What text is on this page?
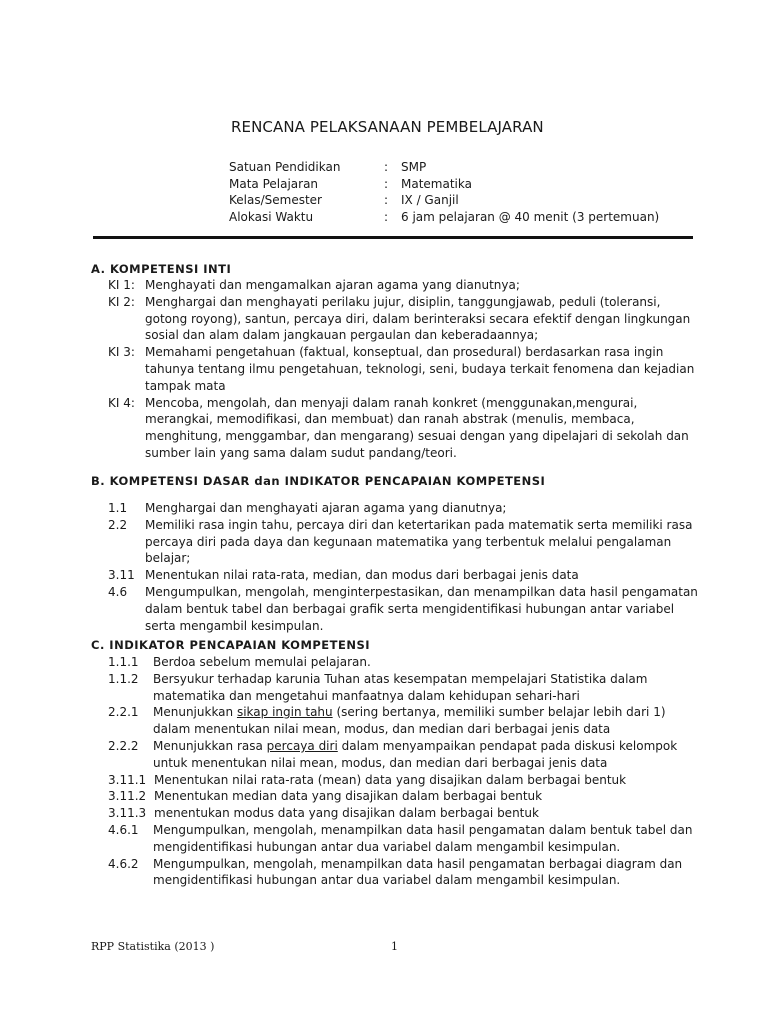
RENCANA PELAKSANAAN PEMBELAJARAN
Satuan Pendidikan	: SMP
Mata Pelajaran	: Matematika
Kelas/Semester	: IX / Ganjil
Alokasi Waktu	: 6 jam pelajaran @ 40 menit (3 pertemuan)
A. KOMPETENSI INTI
KI 1: Menghayati dan mengamalkan ajaran agama yang dianutnya;
KI 2: Menghargai dan menghayati perilaku jujur, disiplin, tanggungjawab, peduli (toleransi, gotong royong), santun, percaya diri, dalam berinteraksi secara efektif dengan lingkungan sosial dan alam dalam jangkauan pergaulan dan keberadaannya;
KI 3: Memahami pengetahuan (faktual, konseptual, dan prosedural) berdasarkan rasa ingin tahunya tentang ilmu pengetahuan, teknologi, seni, budaya terkait fenomena dan kejadian tampak mata
KI 4: Mencoba, mengolah, dan menyaji dalam ranah konkret (menggunakan,mengurai, merangkai, memodifikasi, dan membuat) dan ranah abstrak (menulis, membaca, menghitung, menggambar, dan mengarang) sesuai dengan yang dipelajari di sekolah dan sumber lain yang sama dalam sudut pandang/teori.
B. KOMPETENSI DASAR dan INDIKATOR PENCAPAIAN KOMPETENSI
1.1 Menghargai dan menghayati ajaran agama yang dianutnya;
2.2 Memiliki rasa ingin tahu, percaya diri dan ketertarikan pada matematik serta memiliki rasa percaya diri pada daya dan kegunaan matematika yang terbentuk melalui pengalaman belajar;
3.11 Menentukan nilai rata-rata, median, dan modus dari berbagai jenis data
4.6 Mengumpulkan, mengolah, menginterpestasikan, dan menampilkan data hasil pengamatan dalam bentuk tabel dan berbagai grafik serta mengidentifikasi hubungan antar variabel serta mengambil kesimpulan.
C. INDIKATOR PENCAPAIAN KOMPETENSI
1.1.1 Berdoa sebelum memulai pelajaran.
1.1.2 Bersyukur terhadap karunia Tuhan atas kesempatan mempelajari Statistika dalam matematika dan mengetahui manfaatnya dalam kehidupan sehari-hari
2.2.1 Menunjukkan sikap ingin tahu (sering bertanya, memiliki sumber belajar lebih dari 1) dalam menentukan nilai mean, modus, dan median dari berbagai jenis data
2.2.2 Menunjukkan rasa percaya diri dalam menyampaikan pendapat pada diskusi kelompok untuk menentukan nilai mean, modus, dan median dari berbagai jenis data
3.11.1 Menentukan nilai rata-rata (mean) data yang disajikan dalam berbagai bentuk
3.11.2 Menentukan median data yang disajikan dalam berbagai bentuk
3.11.3 menentukan modus data yang disajikan dalam berbagai bentuk
4.6.1 Mengumpulkan, mengolah, menampilkan data hasil pengamatan dalam bentuk tabel dan mengidentifikasi hubungan antar dua variabel dalam mengambil kesimpulan.
4.6.2 Mengumpulkan, mengolah, menampilkan data hasil pengamatan berbagai diagram dan mengidentifikasi hubungan antar dua variabel dalam mengambil kesimpulan.
RPP Statistika (2013 )	1
